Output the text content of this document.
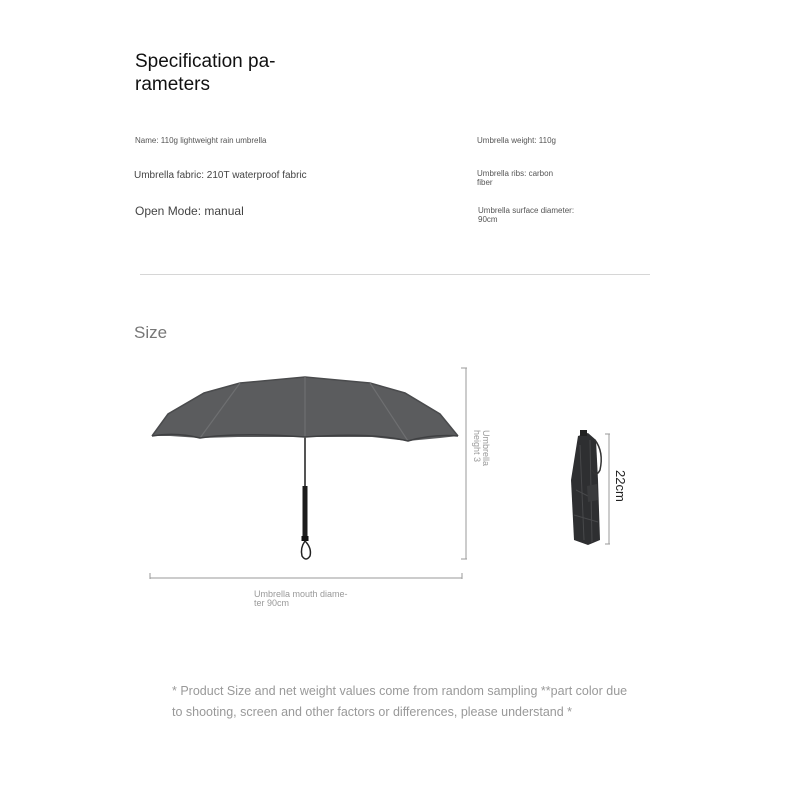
Specification pa-
rameters
Name: 110g lightweight rain umbrella	Umbrella weight: 110g
Umbrella fabric: 210T waterproof fabric	Umbrella ribs: carbon
fiber
Open Mode: manual	Umbrella surface diameter:
90cm
Size
Umbrella
height 3
22cm
Umbrella mouth diame-
ter 90cm
* Product Size and net weight values come from random sampling **part color due
to shooting, screen and other factors or differences, please understand *
